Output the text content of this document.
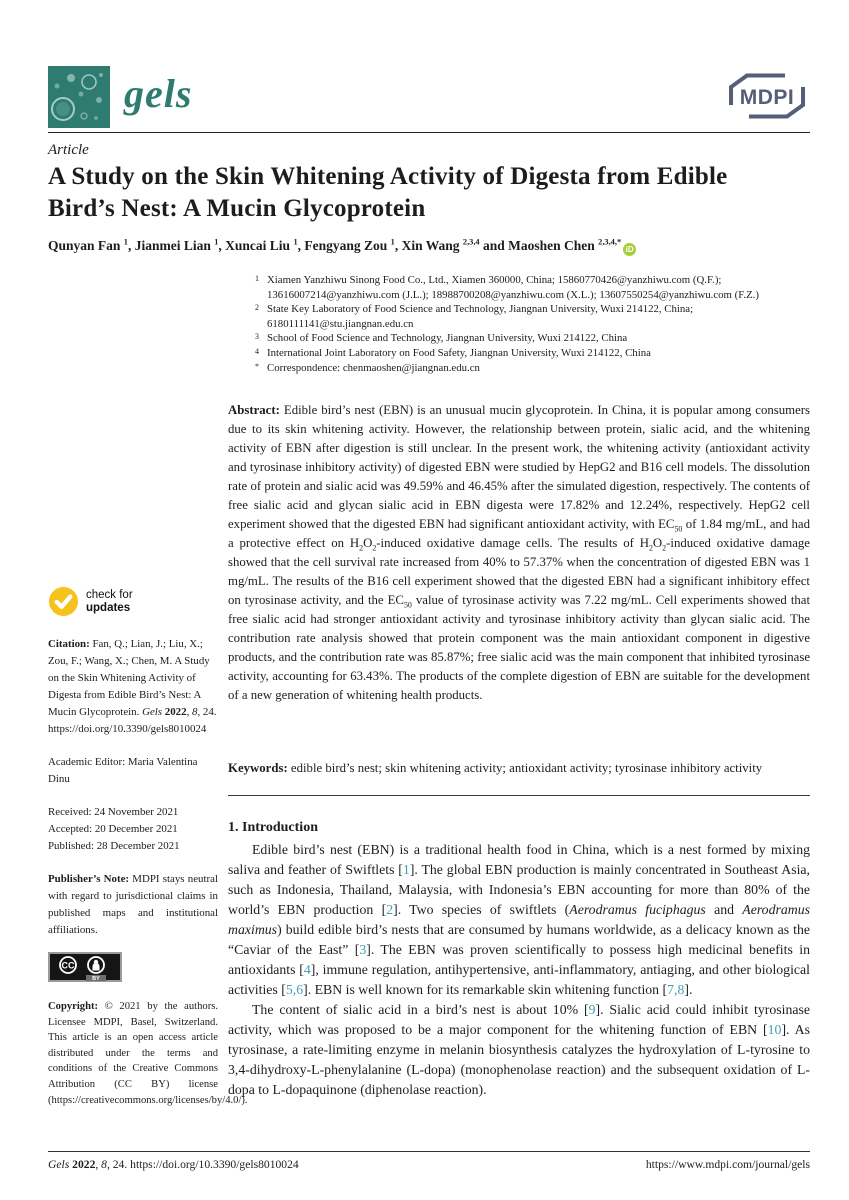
gels	MDPI
Article
A Study on the Skin Whitening Activity of Digesta from Edible Bird’s Nest: A Mucin Glycoprotein
Qunyan Fan $^1$, Jianmei Lian $^1$, Xuncai Liu $^1$, Fengyang Zou $^1$, Xin Wang $^{2,3,4}$ and Maoshen Chen $^{2,3,4,*}$iD
1 Xiamen Yanzhiwu Sinong Food Co., Ltd., Xiamen 360000, China; 15860770426@yanzhiwu.com (Q.F.); 13616007214@yanzhiwu.com (J.L.); 18988700208@yanzhiwu.com (X.L.); 13607550254@yanzhiwu.com (F.Z.)
2 State Key Laboratory of Food Science and Technology, Jiangnan University, Wuxi 214122, China; 6180111141@stu.jiangnan.edu.cn
3 School of Food Science and Technology, Jiangnan University, Wuxi 214122, China
4 International Joint Laboratory on Food Safety, Jiangnan University, Wuxi 214122, China
* Correspondence: chenmaoshen@jiangnan.edu.cn
Abstract: Edible bird’s nest (EBN) is an unusual mucin glycoprotein. In China, it is popular among consumers due to its skin whitening activity. However, the relationship between protein, sialic acid, and the whitening activity of EBN after digestion is still unclear. In the present work, the whitening activity (antioxidant activity and tyrosinase inhibitory activity) of digested EBN were studied by HepG2 and B16 cell models. The dissolution rate of protein and sialic acid was 49.59% and 46.45% after the simulated digestion, respectively. The contents of free sialic acid and glycan sialic acid in EBN digesta were 17.82% and 12.24%, respectively. HepG2 cell experiment showed that the digested EBN had significant antioxidant activity, with $EC_{50}$ of 1.84 mg/mL, and had a protective effect on $H_2O_2$-induced oxidative damage cells. The results of $H_2O_2$-induced oxidative damage showed that the cell survival rate increased from 40% to 57.37% when the concentration of digested EBN was 1 mg/mL. The results of the B16 cell experiment showed that the digested EBN had a significant inhibitory effect on tyrosinase activity, and the $EC_{50}$ value of tyrosinase activity was 7.22 mg/mL. Cell experiments showed that free sialic acid had stronger antioxidant activity and tyrosinase inhibitory activity than glycan sialic acid. The contribution rate analysis showed that protein component was the main antioxidant component in digestive products, and the contribution rate was 85.87%; free sialic acid was the main component that inhibited tyrosinase activity, accounting for 63.43%. The products of the complete digestion of EBN are suitable for the development of a new generation of whitening health products.
Keywords: edible bird’s nest; skin whitening activity; antioxidant activity; tyrosinase inhibitory activity
1. Introduction

Edible bird’s nest (EBN) is a traditional health food in China, which is a nest formed by mixing saliva and feather of Swiftlets [1]. The global EBN production is mainly concentrated in Southeast Asia, such as Indonesia, Thailand, Malaysia, with Indonesia’s EBN accounting for more than 80% of the world’s EBN production [2]. Two species of swiftlets (Aerodramus fuciphagus and Aerodramus maximus) build edible bird’s nests that are consumed by humans worldwide, as a delicacy known as the “Caviar of the East” [3]. The EBN was proven scientifically to possess high medicinal benefits in antioxidants [4], immune regulation, antihypertensive, anti-inflammatory, antiaging, and other biological activities [5,6]. EBN is well known for its remarkable skin whitening function [7,8].

The content of sialic acid in a bird’s nest is about 10% [9]. Sialic acid could inhibit tyrosinase activity, which was proposed to be a major component for the whitening function of EBN [10]. As tyrosinase, a rate-limiting enzyme in melanin biosynthesis catalyzes the hydroxylation of L-tyrosine to 3,4-dihydroxy-L-phenylalanine (L-dopa) (monophenolase reaction) and the subsequent oxidation of L-dopa to L-dopaquinone (diphenolase reaction).

check for
updates
Citation: Fan, Q.; Lian, J.; Liu, X.; Zou, F.; Wang, X.; Chen, M. A Study on the Skin Whitening Activity of Digesta from Edible Bird’s Nest: A Mucin Glycoprotein. Gels 2022, 8, 24. https://doi.org/10.3390/gels8010024
Academic Editor: Maria Valentina Dinu
Received: 24 November 2021
Accepted: 20 December 2021
Published: 28 December 2021
Publisher’s Note: MDPI stays neutral with regard to jurisdictional claims in published maps and institutional affiliations.
CC
BY
Copyright: © 2021 by the authors. Licensee MDPI, Basel, Switzerland. This article is an open access article distributed under the terms and conditions of the Creative Commons Attribution (CC BY) license (https://creativecommons.org/licenses/by/4.0/).
Gels 2022, 8, 24. https://doi.org/10.3390/gels8010024	https://www.mdpi.com/journal/gels
